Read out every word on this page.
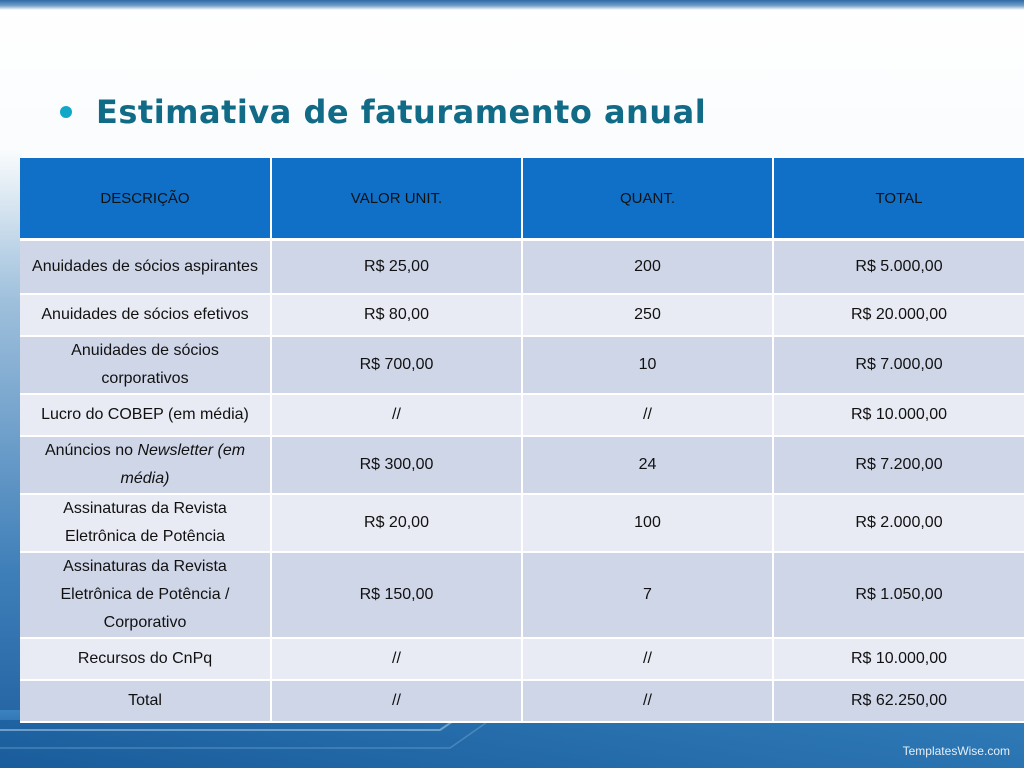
Estimativa de faturamento anual
DESCRIÇÃO	VALOR UNIT.	QUANT.	TOTAL
Anuidades de sócios aspirantes	R$ 25,00	200	R$ 5.000,00
Anuidades de sócios efetivos	R$ 80,00	250	R$ 20.000,00
Anuidades de sócios corporativos	R$ 700,00	10	R$ 7.000,00
Lucro do COBEP (em média)	//	//	R$ 10.000,00
Anúncios no Newsletter (em média)	R$ 300,00	24	R$ 7.200,00
Assinaturas da Revista Eletrônica de Potência	R$ 20,00	100	R$ 2.000,00
Assinaturas da Revista Eletrônica de Potência / Corporativo	R$ 150,00	7	R$ 1.050,00
Recursos do CnPq	//	//	R$ 10.000,00
Total	//	//	R$ 62.250,00
TemplatesWise.com
